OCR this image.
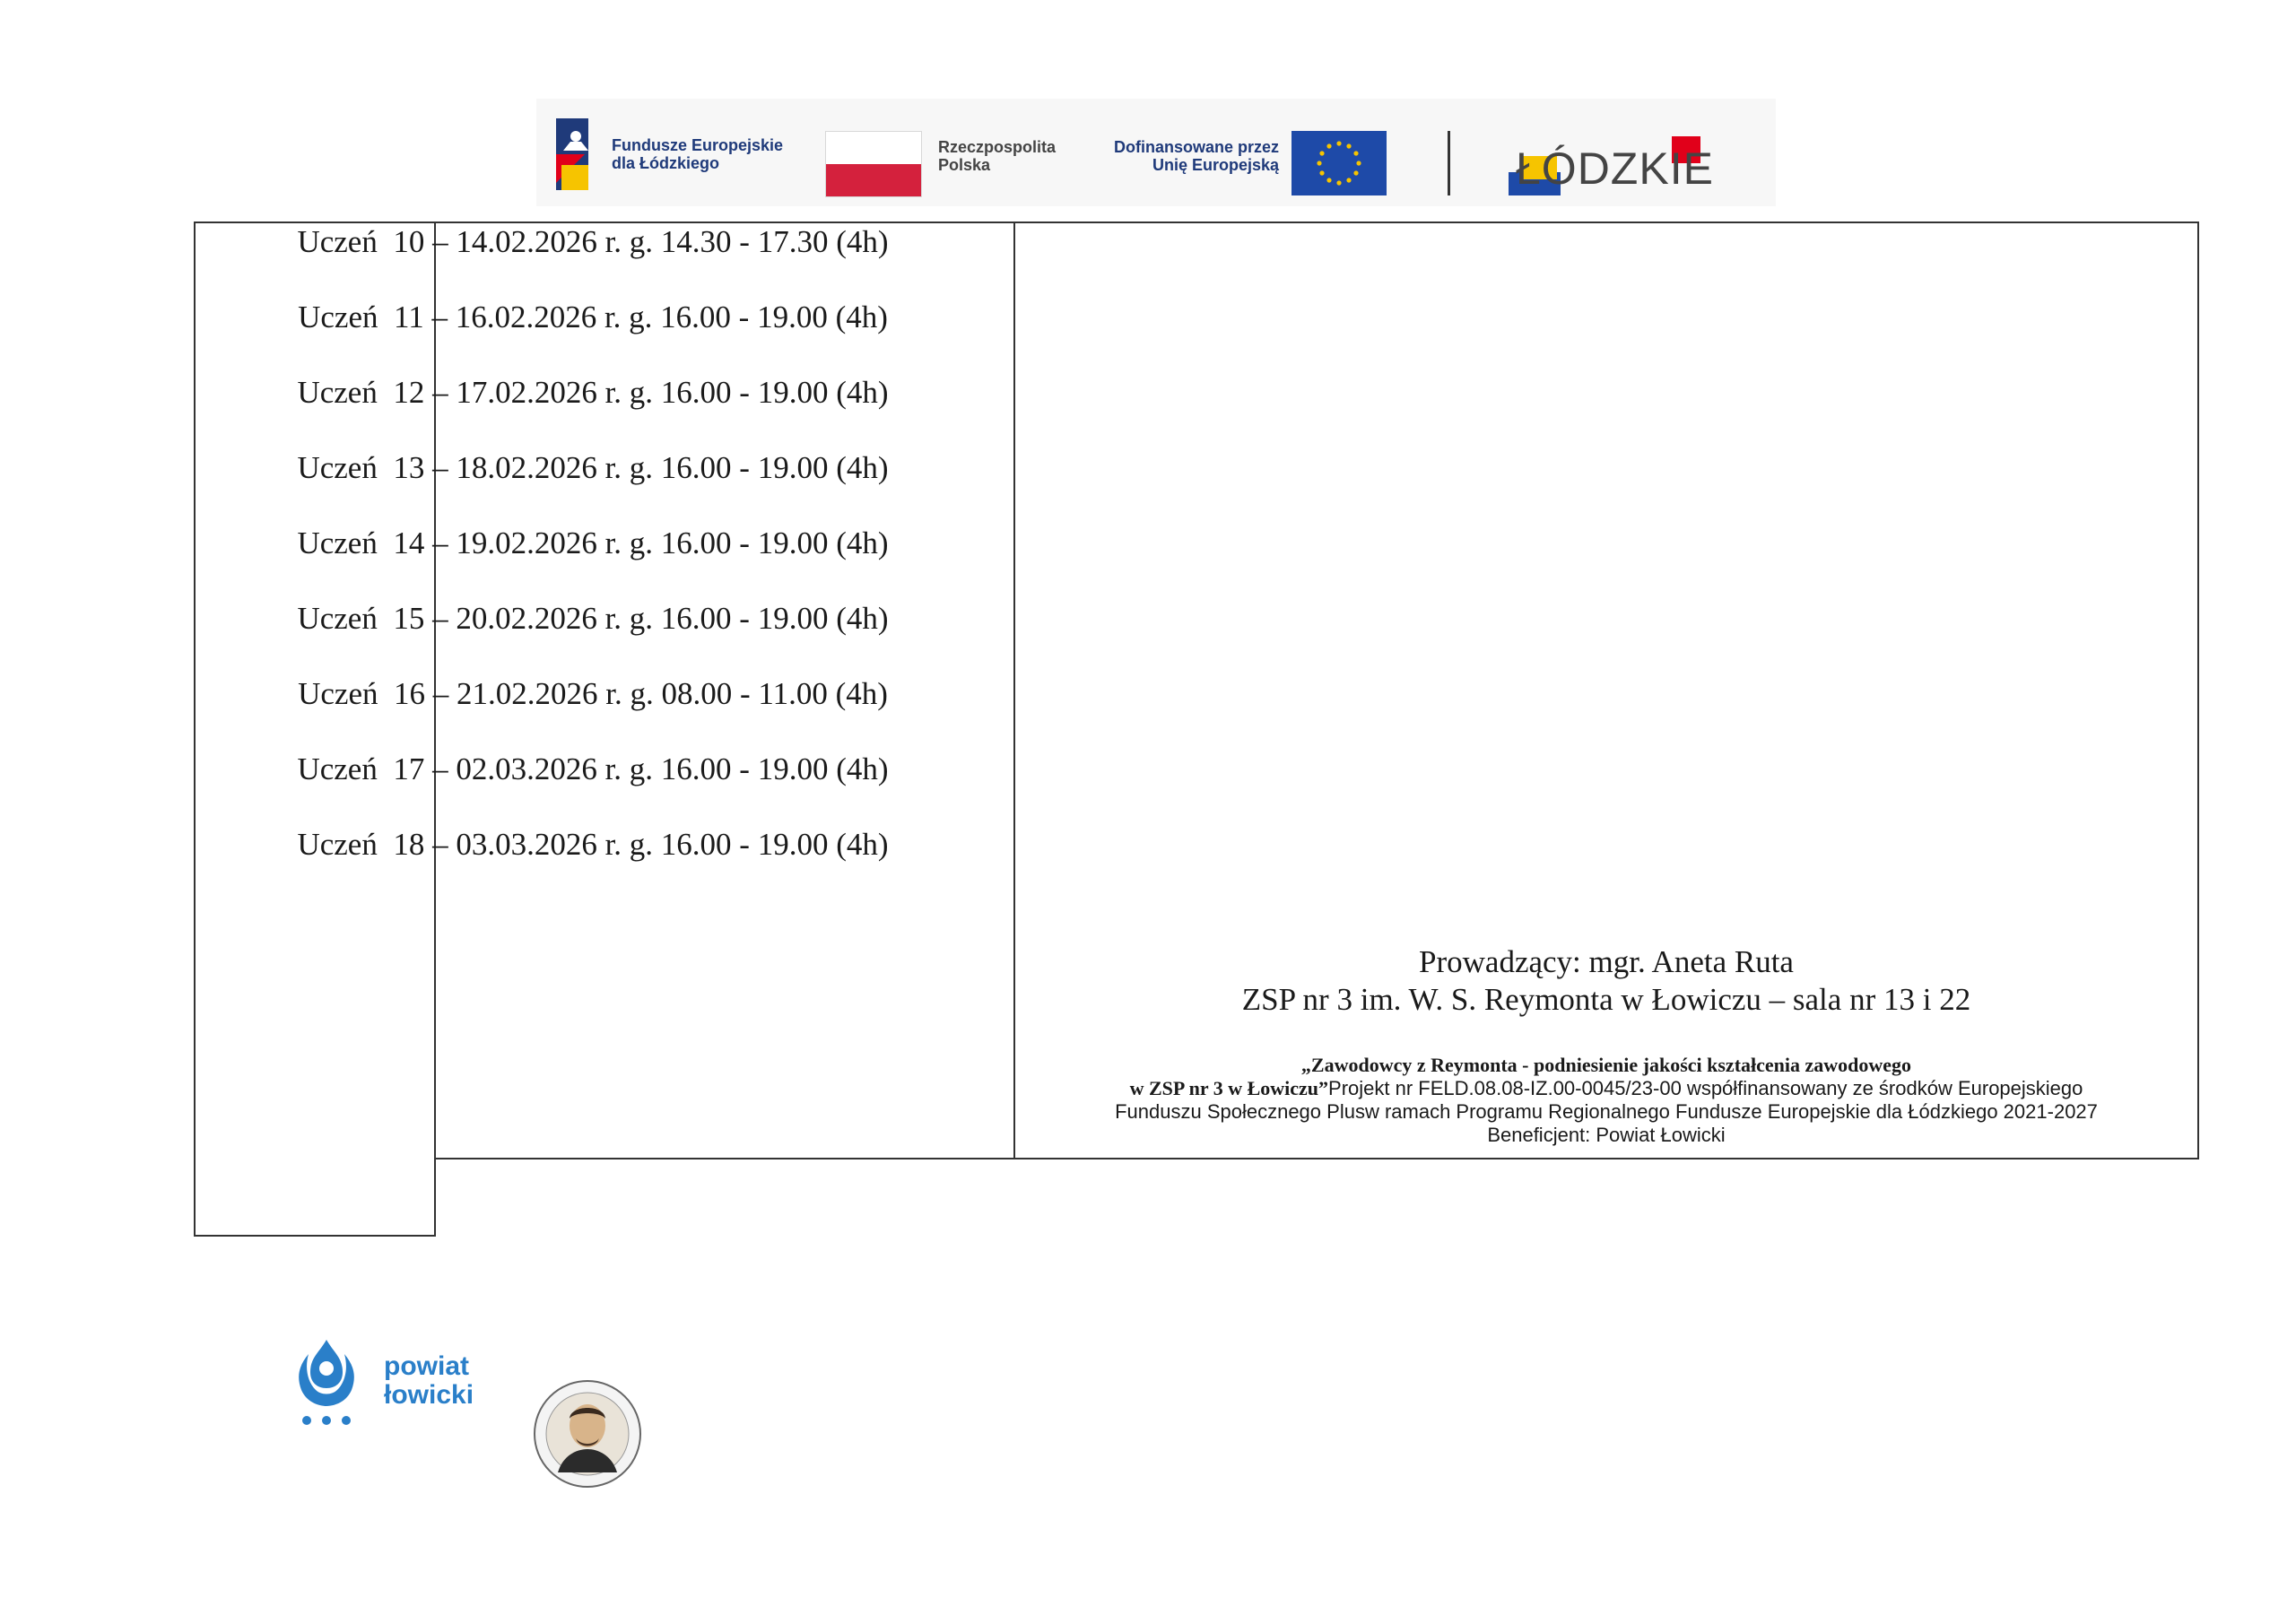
Fundusze Europejskie
dla Łódzkiego
Rzeczpospolita
Polska
Dofinansowane przez
Unię Europejską	ŁÓDZKIE
Uczeń  10 – 14.02.2026 r. g. 14.30 - 17.30 (4h)
Uczeń  11 – 16.02.2026 r. g. 16.00 - 19.00 (4h)
Uczeń  12 – 17.02.2026 r. g. 16.00 - 19.00 (4h)
Uczeń  13 – 18.02.2026 r. g. 16.00 - 19.00 (4h)
Uczeń  14 – 19.02.2026 r. g. 16.00 - 19.00 (4h)
Uczeń  15 – 20.02.2026 r. g. 16.00 - 19.00 (4h)
Uczeń  16 – 21.02.2026 r. g. 08.00 - 11.00 (4h)
Uczeń  17 – 02.03.2026 r. g. 16.00 - 19.00 (4h)
Uczeń  18 – 03.03.2026 r. g. 16.00 - 19.00 (4h)
Prowadzący: mgr. Aneta Ruta
ZSP nr 3 im. W. S. Reymonta w Łowiczu – sala nr 13 i 22
„Zawodowcy z Reymonta - podniesienie jakości kształcenia zawodowego
w ZSP nr 3 w Łowiczu”Projekt nr FELD.08.08-IZ.00-0045/23-00 współfinansowany ze środków Europejskiego
Funduszu Społecznego Plusw ramach Programu Regionalnego Fundusze Europejskie dla Łódzkiego 2021-2027
Beneficjent: Powiat Łowicki
powiat
łowicki
